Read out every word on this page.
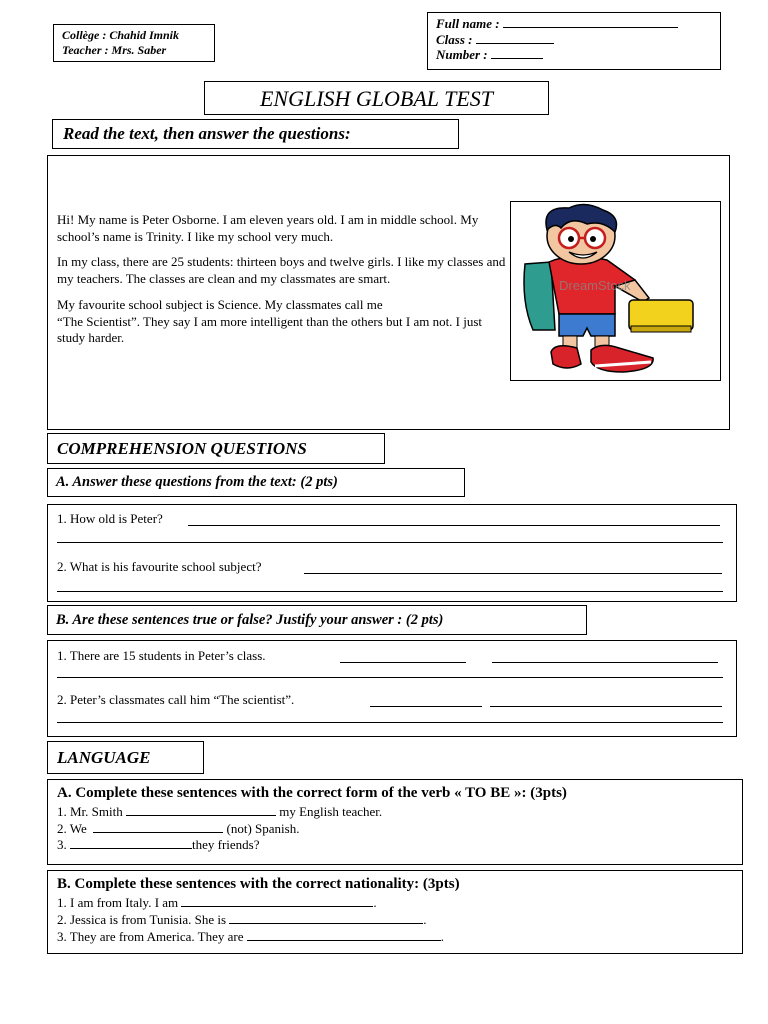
Collège : Chahid Imnik
Teacher : Mrs. Saber
Full name :
Class :
Number :
ENGLISH GLOBAL TEST
Read the text, then answer the questions:

Hi! My name is Peter Osborne. I am eleven years old. I am in middle school. My school’s name is Trinity. I like my school very much.

In my class, there are 25 students: thirteen boys and twelve girls. I like my classes and my teachers. The classes are clean and my classmates are smart.

My favourite school subject is Science. My classmates call me
“The Scientist”. They say I am more intelligent than the others but I am not. I just study harder.

DreamStock
COMPREHENSION QUESTIONS
A. Answer these questions from the text: (2 pts)
1. How old is Peter?
2. What is his favourite school subject?
B. Are these sentences true or false? Justify your answer : (2 pts)
1. There are 15 students in Peter’s class.
2. Peter’s classmates call him “The scientist”.
LANGUAGE
A. Complete these sentences with the correct form of the verb « TO BE »: (3pts)
1. Mr. Smith	my English teacher.
2. We	(not) Spanish.
3.	they friends?
B. Complete these sentences with the correct nationality: (3pts)
1. I am from Italy. I am	.
2. Jessica is from Tunisia. She is	.
3. They are from America. They are	.
